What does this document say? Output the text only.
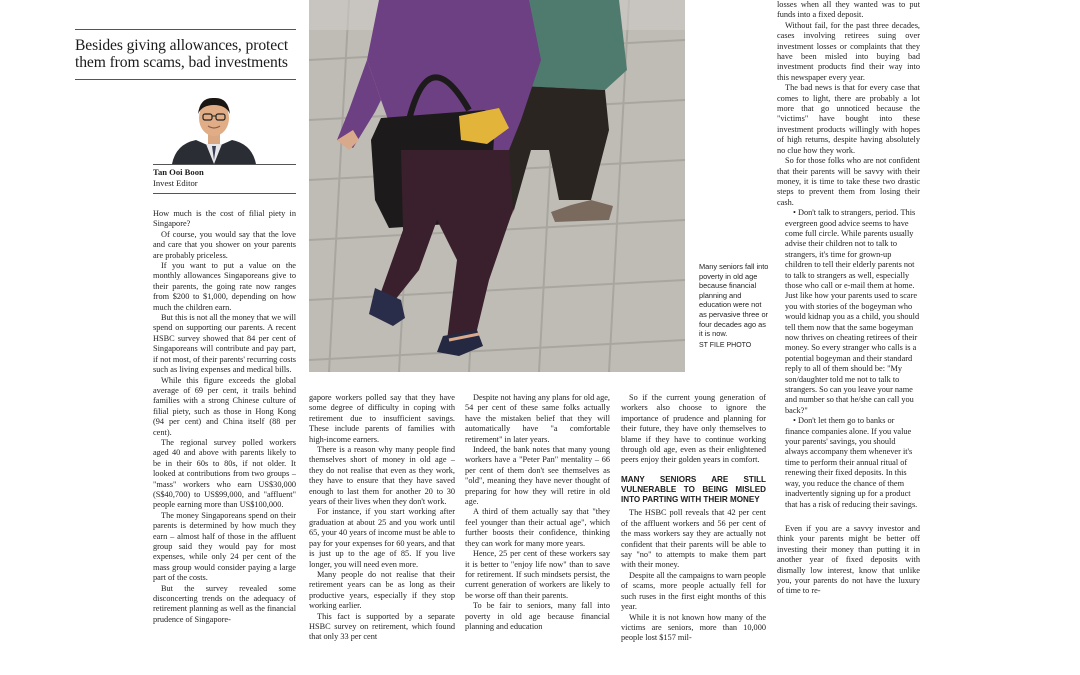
Besides giving allowances, protect them from scams, bad investments
Tan Ooi Boon
Invest Editor

How much is the cost of filial piety in Singapore?

Of course, you would say that the love and care that you shower on your parents are probably priceless.

If you want to put a value on the monthly allowances Singaporeans give to their parents, the going rate now ranges from $200 to $1,000, depending on how much the children earn.

But this is not all the money that we will spend on supporting our parents. A recent HSBC survey showed that 84 per cent of Singaporeans will contribute and pay part, if not most, of their parents' recurring costs such as living expenses and medical bills.

While this figure exceeds the global average of 69 per cent, it trails behind families with a strong Chinese culture of filial piety, such as those in Hong Kong (94 per cent) and China itself (88 per cent).

The regional survey polled workers aged 40 and above with parents likely to be in their 60s to 80s, if not older. It looked at contributions from two groups – "mass" workers who earn US$30,000 (S$40,700) to US$99,000, and "affluent" people earning more than US$100,000.

The money Singaporeans spend on their parents is determined by how much they earn – almost half of those in the affluent group said they would pay for most expenses, while only 24 per cent of the mass group would consider paying a large part of the costs.

But the survey revealed some disconcerting trends on the adequacy of retirement planning as well as the financial prudence of Singapore-

Many seniors fall into poverty in old age because financial planning and education were not as pervasive three or four decades ago as it is now.
ST FILE PHOTO

gapore workers polled say that they have some degree of difficulty in coping with retirement due to insufficient savings. These include parents of families with high-income earners.

There is a reason why many people find themselves short of money in old age – they do not realise that even as they work, they have to ensure that they have saved enough to last them for another 20 to 30 years of their lives when they don't work.

For instance, if you start working after graduation at about 25 and you work until 65, your 40 years of income must be able to pay for your expenses for 60 years, and that is just up to the age of 85. If you live longer, you will need even more.

Many people do not realise that their retirement years can be as long as their productive years, especially if they stop working earlier.

This fact is supported by a separate HSBC survey on retirement, which found that only 33 per cent

Despite not having any plans for old age, 54 per cent of these same folks actually have the mistaken belief that they will automatically have "a comfortable retirement" in later years.

Indeed, the bank notes that many young workers have a "Peter Pan" mentality – 66 per cent of them don't see themselves as "old", meaning they have never thought of preparing for how they will retire in old age.

A third of them actually say that "they feel younger than their actual age", which further boosts their confidence, thinking they can work for many more years.

Hence, 25 per cent of these workers say it is better to "enjoy life now" than to save for retirement. If such mindsets persist, the current generation of workers are likely to be worse off than their parents.

To be fair to seniors, many fall into poverty in old age because financial planning and education

So if the current young generation of workers also choose to ignore the importance of prudence and planning for their future, they have only themselves to blame if they have to continue working through old age, even as their enlightened peers enjoy their golden years in comfort.

MANY SENIORS ARE STILL VULNERABLE TO BEING MISLED INTO PARTING WITH THEIR MONEY

The HSBC poll reveals that 42 per cent of the affluent workers and 56 per cent of the mass workers say they are actually not confident that their parents will be able to say "no" to attempts to make them part with their money.

Despite all the campaigns to warn people of scams, more people actually fell for such ruses in the first eight months of this year.

While it is not known how many of the victims are seniors, more than 10,000 people lost $157 mil-

losses when all they wanted was to put funds into a fixed deposit.

Without fail, for the past three decades, cases involving retirees suing over investment losses or complaints that they have been misled into buying bad investment products find their way into this newspaper every year.

The bad news is that for every case that comes to light, there are probably a lot more that go unnoticed because the "victims" have bought into these investment products willingly with hopes of high returns, despite having absolutely no clue how they work.

So for those folks who are not confident that their parents will be savvy with their money, it is time to take these two drastic steps to prevent them from losing their cash.

• Don't talk to strangers, period. This evergreen good advice seems to have come full circle. While parents usually advise their children not to talk to strangers, it's time for grown-up children to tell their elderly parents not to talk to strangers as well, especially those who call or e-mail them at home. Just like how your parents used to scare you with stories of the bogeyman who would kidnap you as a child, you should tell them now that the same bogeyman now thrives on cheating retirees of their money. So every stranger who calls is a potential bogeyman and their standard reply to all of them should be: "My son/daughter told me not to talk to strangers. So can you leave your name and number so that he/she can call you back?"

• Don't let them go to banks or finance companies alone. If you value your parents' savings, you should always accompany them whenever it's time to perform their annual ritual of renewing their fixed deposits. In this way, you reduce the chance of them inadvertently signing up for a product that has a risk of reducing their savings.

Even if you are a savvy investor and think your parents might be better off investing their money than putting it in another year of fixed deposits with dismally low interest, know that unlike you, your parents do not have the luxury of time to re-
